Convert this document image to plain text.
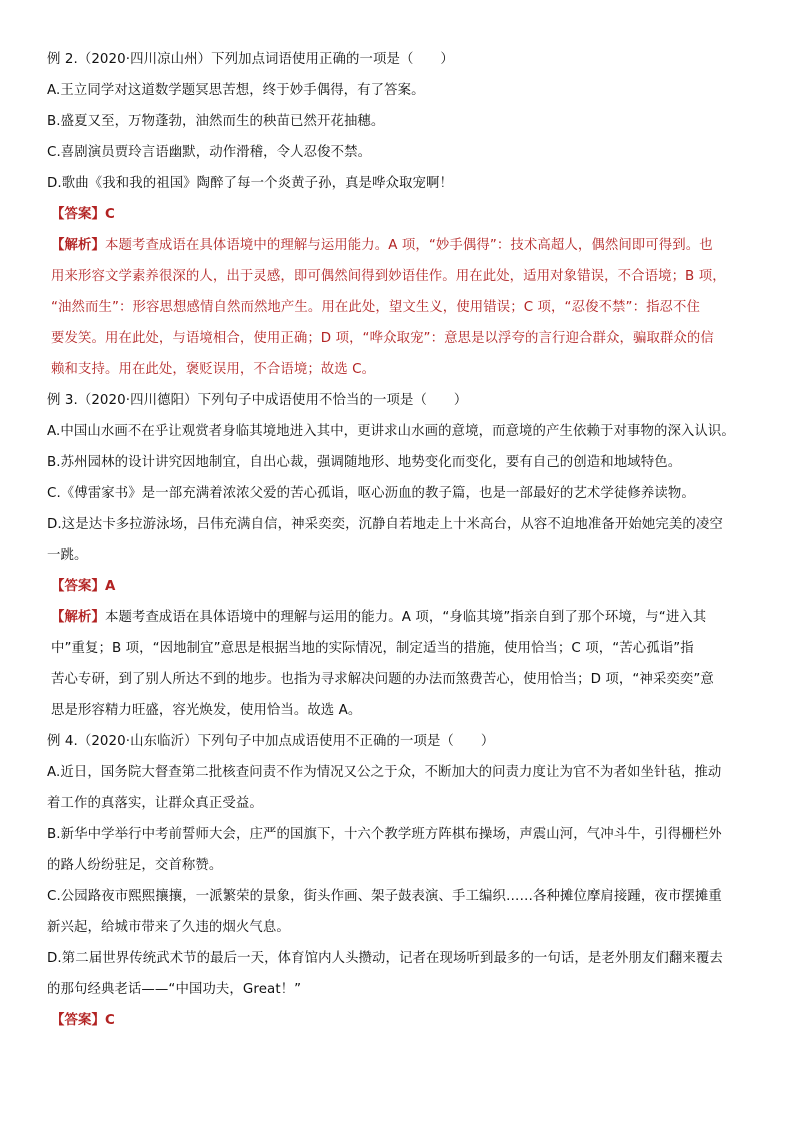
例 2.（2020·四川凉山州）下列加点词语使用正确的一项是（　　）
A.王立同学对这道数学题冥思苦想，终于妙手偶得，有了答案。
B.盛夏又至，万物蓬勃，油然而生的秧苗已然开花抽穗。
C.喜剧演员贾玲言语幽默，动作滑稽，令人忍俊不禁。
D.歌曲《我和我的祖国》陶醉了每一个炎黄子孙，真是哗众取宠啊！
【答案】C
【解析】本题考查成语在具体语境中的理解与运用能力。A 项，“妙手偶得”：技术高超人，偶然间即可得到。也
用来形容文学素养很深的人，出于灵感，即可偶然间得到妙语佳作。用在此处，适用对象错误，不合语境；B 项，
“油然而生”：形容思想感情自然而然地产生。用在此处，望文生义，使用错误；C 项，“忍俊不禁”：指忍不住
要发笑。用在此处，与语境相合，使用正确；D 项，“哗众取宠”：意思是以浮夸的言行迎合群众，骗取群众的信
赖和支持。用在此处，褒贬误用，不合语境；故选 C。
例 3.（2020·四川德阳）下列句子中成语使用不恰当的一项是（　　）
A.中国山水画不在乎让观赏者身临其境地进入其中，更讲求山水画的意境，而意境的产生依赖于对事物的深入认识。
B.苏州园林的设计讲究因地制宜，自出心裁，强调随地形、地势变化而变化，要有自己的创造和地域特色。
C.《傅雷家书》是一部充满着浓浓父爱的苦心孤诣，呕心沥血的教子篇，也是一部最好的艺术学徒修养读物。
D.这是达卡多拉游泳场，吕伟充满自信，神采奕奕，沉静自若地走上十米高台，从容不迫地准备开始她完美的凌空
一跳。
【答案】A
【解析】本题考查成语在具体语境中的理解与运用的能力。A 项，“身临其境”指亲自到了那个环境，与“进入其
中”重复；B 项，“因地制宜”意思是根据当地的实际情况，制定适当的措施，使用恰当；C 项，“苦心孤诣”指
苦心专研，到了别人所达不到的地步。也指为寻求解决问题的办法而煞费苦心，使用恰当；D 项，“神采奕奕”意
思是形容精力旺盛，容光焕发，使用恰当。故选 A。
例 4.（2020·山东临沂）下列句子中加点成语使用不正确的一项是（　　）
A.近日，国务院大督查第二批核查问责不作为情况又公之于众，不断加大的问责力度让为官不为者如坐针毡，推动
着工作的真落实，让群众真正受益。
B.新华中学举行中考前誓师大会，庄严的国旗下，十六个教学班方阵棋布操场，声震山河，气冲斗牛，引得栅栏外
的路人纷纷驻足，交首称赞。
C.公园路夜市熙熙攘攘，一派繁荣的景象，街头作画、架子鼓表演、手工编织……各种摊位摩肩接踵，夜市摆摊重
新兴起，给城市带来了久违的烟火气息。
D.第二届世界传统武术节的最后一天，体育馆内人头攒动，记者在现场听到最多的一句话，是老外朋友们翻来覆去
的那句经典老话——“中国功夫，Great！”
【答案】C
